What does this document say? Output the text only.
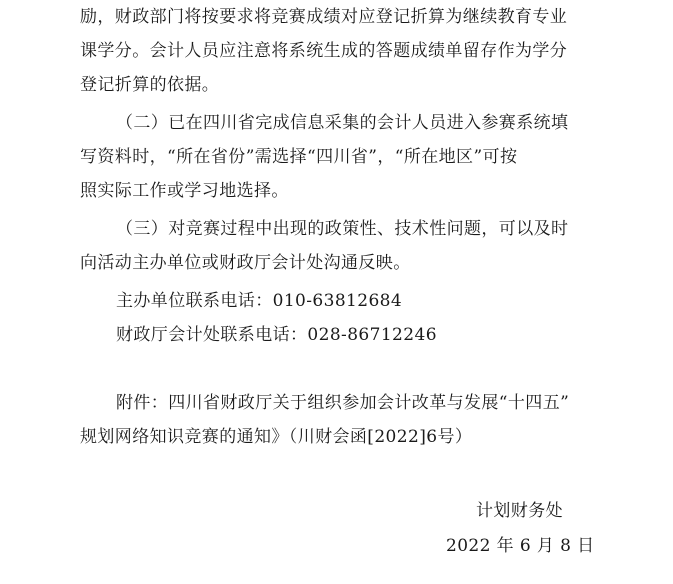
励，财政部门将按要求将竞赛成绩对应登记折算为继续教育专业
课学分。会计人员应注意将系统生成的答题成绩单留存作为学分
登记折算的依据。
（二）已在四川省完成信息采集的会计人员进入参赛系统填
写资料时，“所在省份”需选择“四川省”，“所在地区”可按
照实际工作或学习地选择。
（三）对竞赛过程中出现的政策性、技术性问题，可以及时
向活动主办单位或财政厅会计处沟通反映。
主办单位联系电话：010-63812684
财政厅会计处联系电话：028-86712246
附件：四川省财政厅关于组织参加会计改革与发展“十四五”
规划网络知识竞赛的通知》（川财会函[2022]6号）
计划财务处
2022 年 6 月 8 日
